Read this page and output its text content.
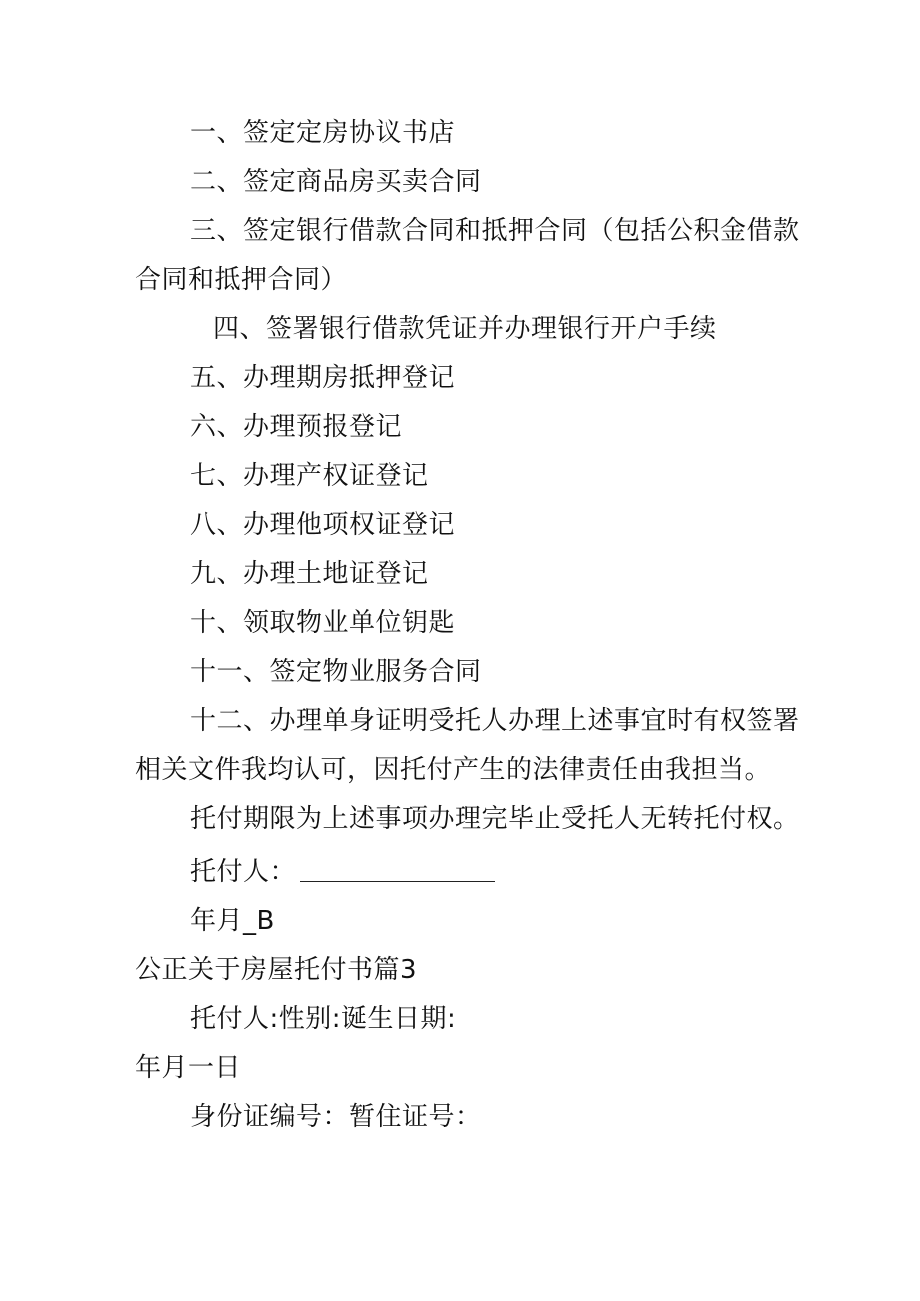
一、签定定房协议书店
二、签定商品房买卖合同
三、签定银行借款合同和抵押合同（包括公积金借款
合同和抵押合同）
四、签署银行借款凭证并办理银行开户手续
五、办理期房抵押登记
六、办理预报登记
七、办理产权证登记
八、办理他项权证登记
九、办理土地证登记
十、领取物业单位钥匙
十一、签定物业服务合同
十二、办理单身证明受托人办理上述事宜时有权签署
相关文件我均认可，因托付产生的法律责任由我担当。
托付期限为上述事项办理完毕止受托人无转托付权。
托付人：
年月_B
公正关于房屋托付书篇3
托付人:性别:诞生日期:
年月一日
身份证编号：暂住证号：
